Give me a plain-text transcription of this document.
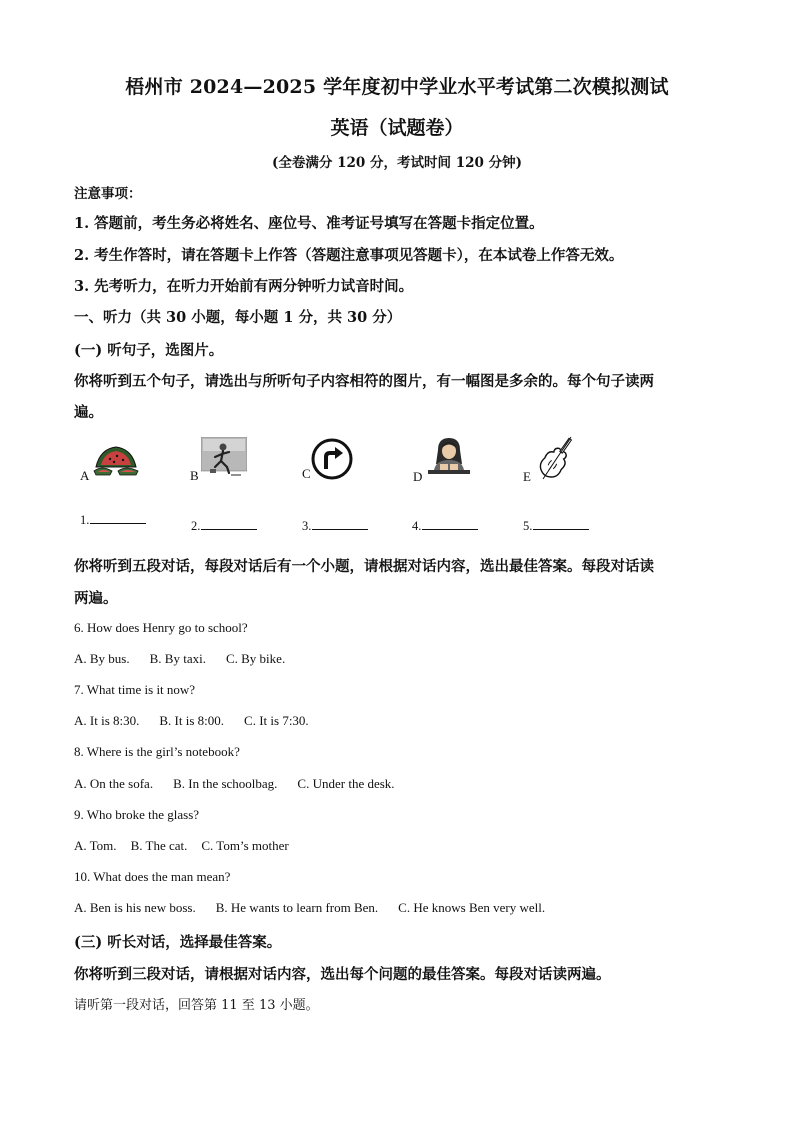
梧州市 2024—2025 学年度初中学业水平考试第二次模拟测试
英语（试题卷）
(全卷满分 120 分，考试时间 120 分钟)
注意事项：
1. 答题前，考生务必将姓名、座位号、准考证号填写在答题卡指定位置。
2. 考生作答时，请在答题卡上作答（答题注意事项见答题卡），在本试卷上作答无效。
3. 先考听力，在听力开始前有两分钟听力试音时间。
一、听力（共 30 小题，每小题 1 分，共 30 分）
(一) 听句子，选图片。
你将听到五个句子，请选出与所听句子内容相符的图片，有一幅图是多余的。每个句子读两
遍。
A	B	C	D	E
1.	2.	3.	4.	5.
你将听到五段对话，每段对话后有一个小题，请根据对话内容，选出最佳答案。每段对话读
两遍。
6. How does Henry go to school?
A. By bus. B. By taxi. C. By bike.
7. What time is it now?
A. It is 8:30. B. It is 8:00. C. It is 7:30.
8. Where is the girl’s notebook?
A. On the sofa. B. In the schoolbag. C. Under the desk.
9. Who broke the glass?
A. Tom. B. The cat. C. Tom’s mother
10. What does the man mean?
A. Ben is his new boss. B. He wants to learn from Ben. C. He knows Ben very well.
(三) 听长对话，选择最佳答案。
你将听到三段对话，请根据对话内容，选出每个问题的最佳答案。每段对话读两遍。
请听第一段对话，回答第 11 至 13 小题。
